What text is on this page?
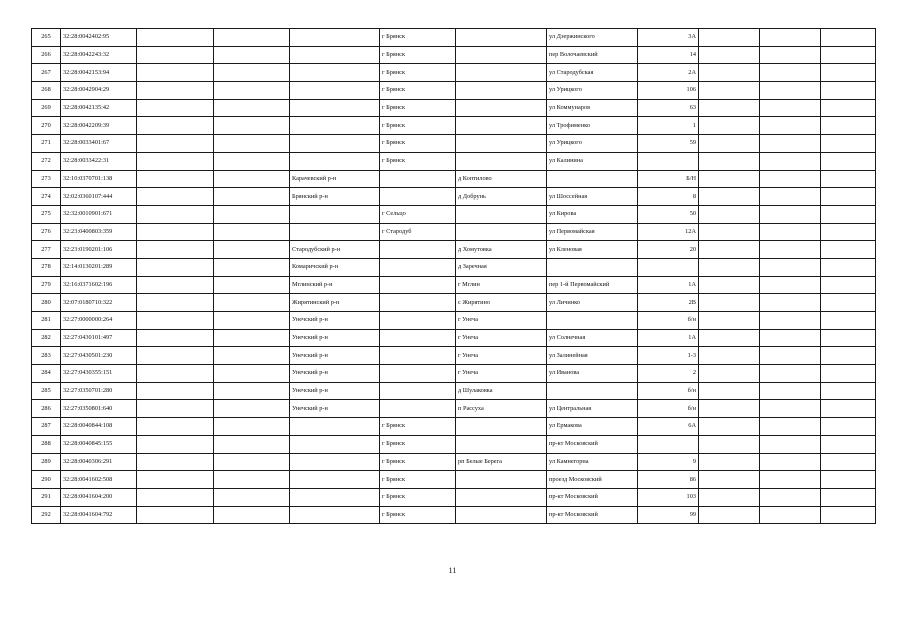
265	32:28:0042402:95				г Брянск		ул Дзержинского	3А			
266	32:28:0042243:32				г Брянск		пер Волочаевский	14			
267	32:28:0042153:94				г Брянск		ул Стародубская	2А			
268	32:28:0042904:29				г Брянск		ул Урицкого	106			
269	32:28:0042135:42				г Брянск		ул Коммунаров	63			
270	32:28:0042209:39				г Брянск		ул Трофименко	1			
271	32:28:0033401:67				г Брянск		ул Урицкого	59			
272	32:28:0033422:31				г Брянск		ул Калинина				
273	32:10:0370701:138			Карачевский р-н		д Коптилово		Б/Н			
274	32:02:0360107:444			Брянский р-н		д Добрунь	ул Шоссейная	8			
275	32:32:0010901:671				г Сельцо		ул Кирова	50			
276	32:23:0400803:359				г Стародуб		ул Первомайская	12А			
277	32:23:0190201:106			Стародубский р-н		д Хомутовка	ул Кленовая	20			
278	32:14:0130201:289			Комаричский р-н		д Заречная					
279	32:16:0371602:196			Мглинский р-н		г Мглин	пер 1-й Первомайский	1А			
280	32:07:0180710:322			Жирятинский р-н		с Жирятино	ул Личинко	2В			
281	32:27:0000000:264			Унечский р-н		г Унеча		б/н			
282	32:27:0430101:497			Унечский р-н		г Унеча	ул Солнечная	1А			
283	32:27:0430501:230			Унечский р-н		г Унеча	ул Залинейная	1-3			
284	32:27:0430355:151			Унечский р-н		г Унеча	ул Иванова	2			
285	32:27:0350701:280			Унечский р-н		д Шулаковка		б/н			
286	32:27:0350801:640			Унечский р-н		п Рассуха	ул Центральная	б/н			
287	32:28:0040844:108				г Брянск		ул Ермакова	6А			
288	32:28:0040845:155				г Брянск		пр-кт Московский				
289	32:28:0040306:291				г Брянск	рп Белые Берега	ул Камнегорна	9			
290	32:28:0041602:508				г Брянск		проезд Московский	86			
291	32:28:0041604:200				г Брянск		пр-кт Московский	103			
292	32:28:0041604:792				г Брянск		пр-кт Московский	99			
11
